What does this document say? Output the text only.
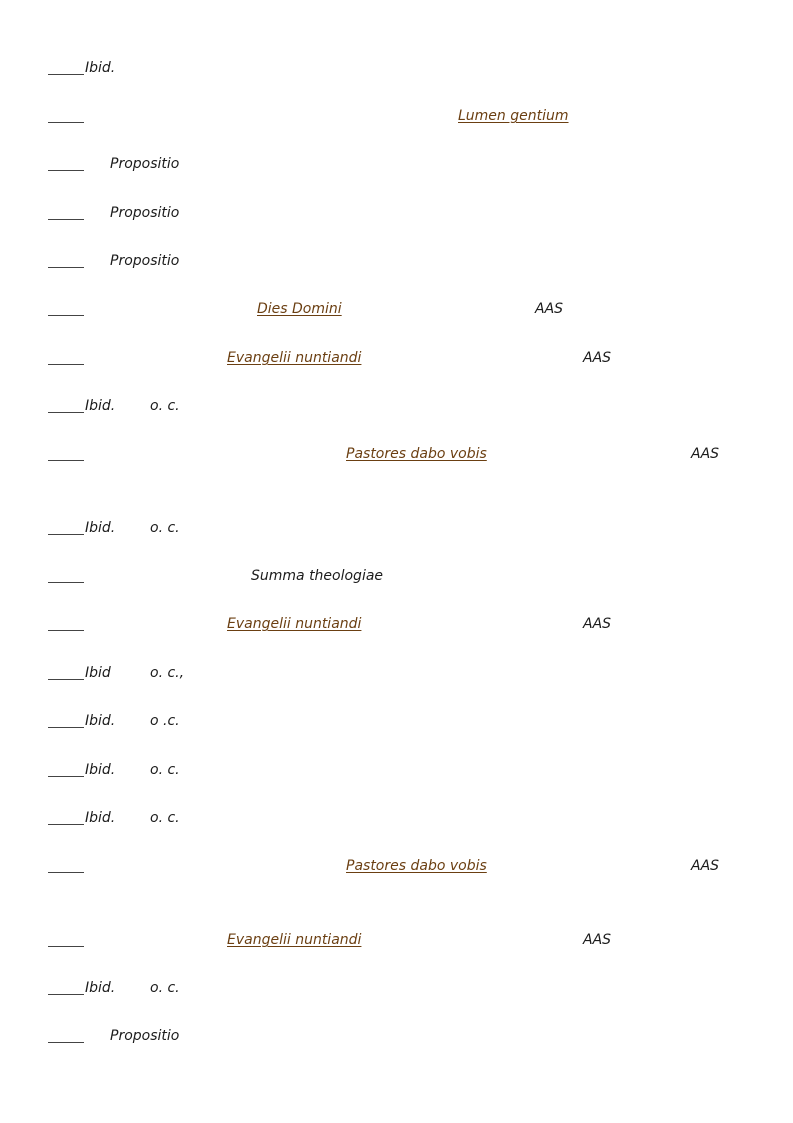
Ibid.
Lumen gentium
Propositio
Propositio
Propositio
Dies Domini	AAS
Evangelii nuntiandi	AAS
Ibid. o. c.
Pastores dabo vobis	AAS
Ibid. o. c.
Summa theologiae
Evangelii nuntiandi	AAS
Ibid	o. c.,
Ibid. o .c.
Ibid. o. c.
Ibid. o. c.
Pastores dabo vobis	AAS
Evangelii nuntiandi	AAS
Ibid. o. c.
Propositio
